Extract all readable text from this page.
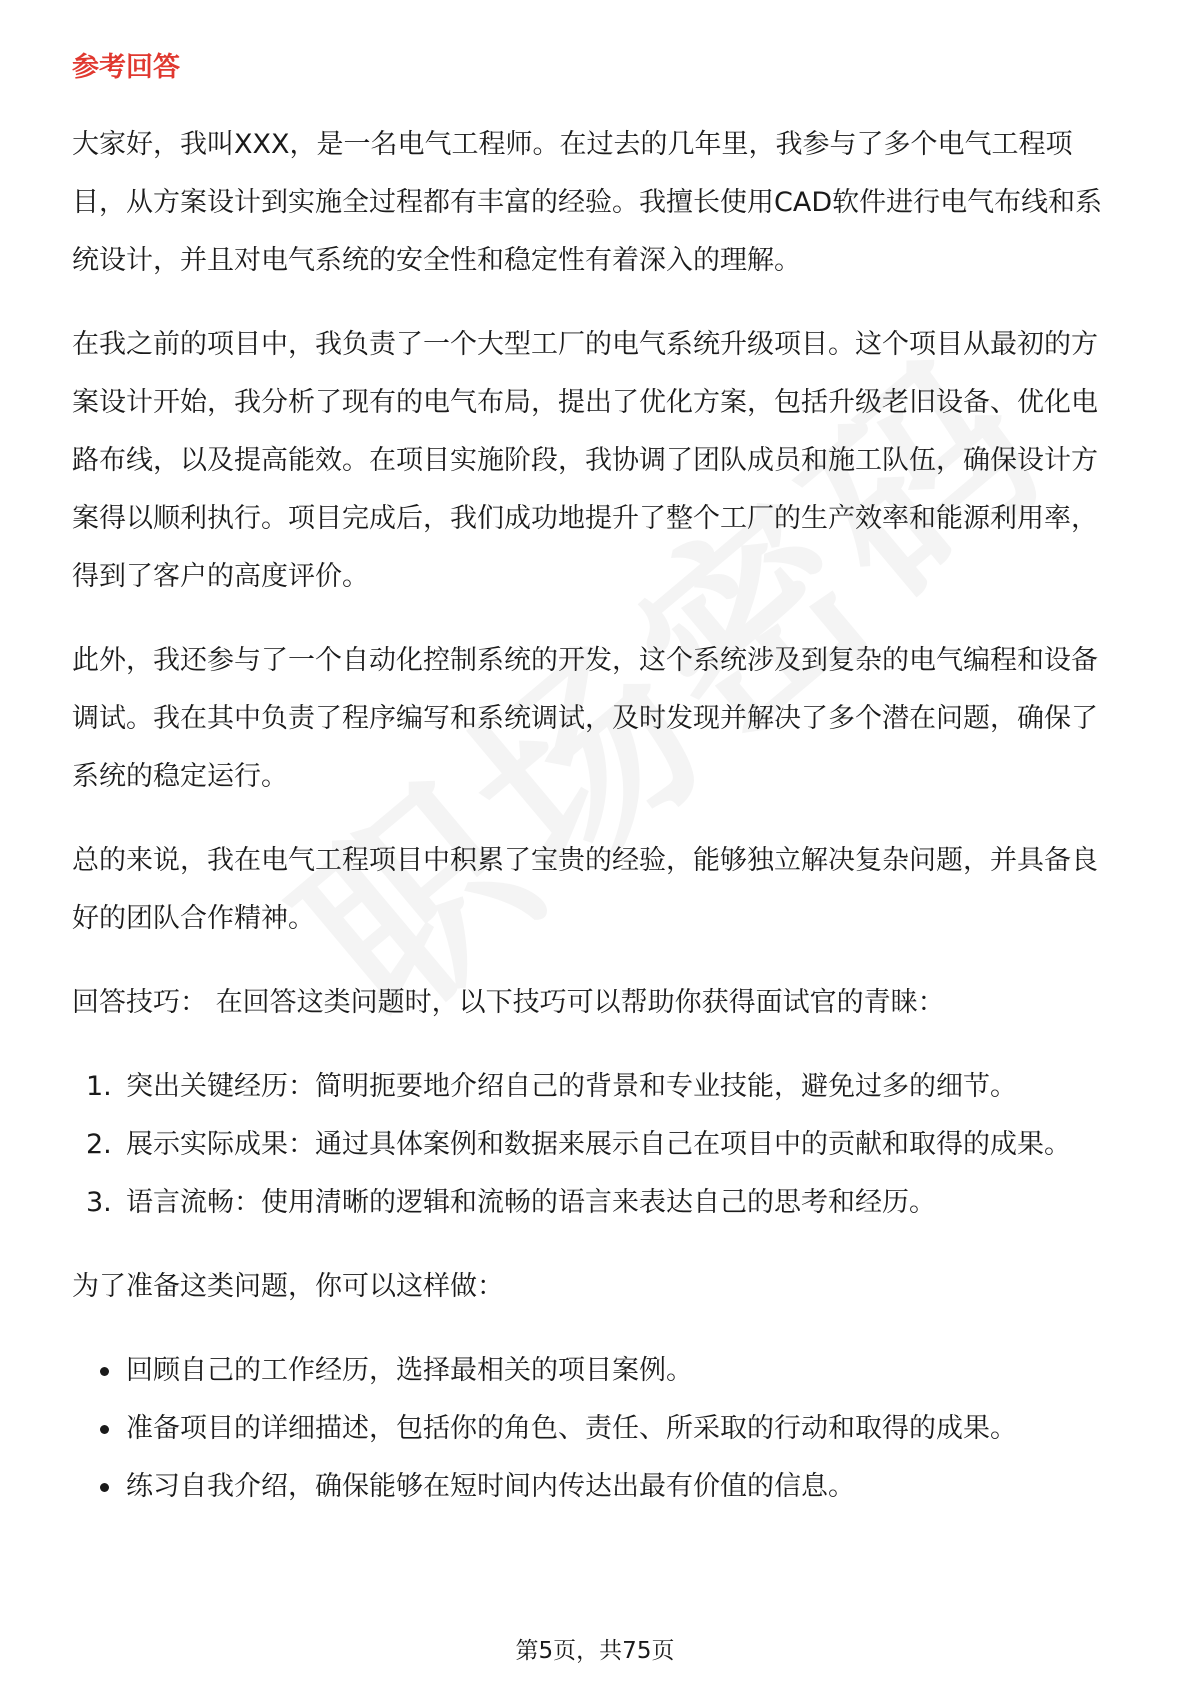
参考回答

大家好，我叫XXX，是一名电气工程师。在过去的几年里，我参与了多个电气工程项目，从方案设计到实施全过程都有丰富的经验。我擅长使用CAD软件进行电气布线和系统设计，并且对电气系统的安全性和稳定性有着深入的理解。

在我之前的项目中，我负责了一个大型工厂的电气系统升级项目。这个项目从最初的方案设计开始，我分析了现有的电气布局，提出了优化方案，包括升级老旧设备、优化电路布线，以及提高能效。在项目实施阶段，我协调了团队成员和施工队伍，确保设计方案得以顺利执行。项目完成后，我们成功地提升了整个工厂的生产效率和能源利用率，得到了客户的高度评价。

此外，我还参与了一个自动化控制系统的开发，这个系统涉及到复杂的电气编程和设备调试。我在其中负责了程序编写和系统调试，及时发现并解决了多个潜在问题，确保了系统的稳定运行。

总的来说，我在电气工程项目中积累了宝贵的经验，能够独立解决复杂问题，并具备良好的团队合作精神。

回答技巧： 在回答这类问题时，以下技巧可以帮助你获得面试官的青睐：

1. 突出关键经历：简明扼要地介绍自己的背景和专业技能，避免过多的细节。
2. 展示实际成果：通过具体案例和数据来展示自己在项目中的贡献和取得的成果。
3. 语言流畅：使用清晰的逻辑和流畅的语言来表达自己的思考和经历。

为了准备这类问题，你可以这样做：

回顾自己的工作经历，选择最相关的项目案例。
准备项目的详细描述，包括你的角色、责任、所采取的行动和取得的成果。
练习自我介绍，确保能够在短时间内传达出最有价值的信息。
第5页，共75页
